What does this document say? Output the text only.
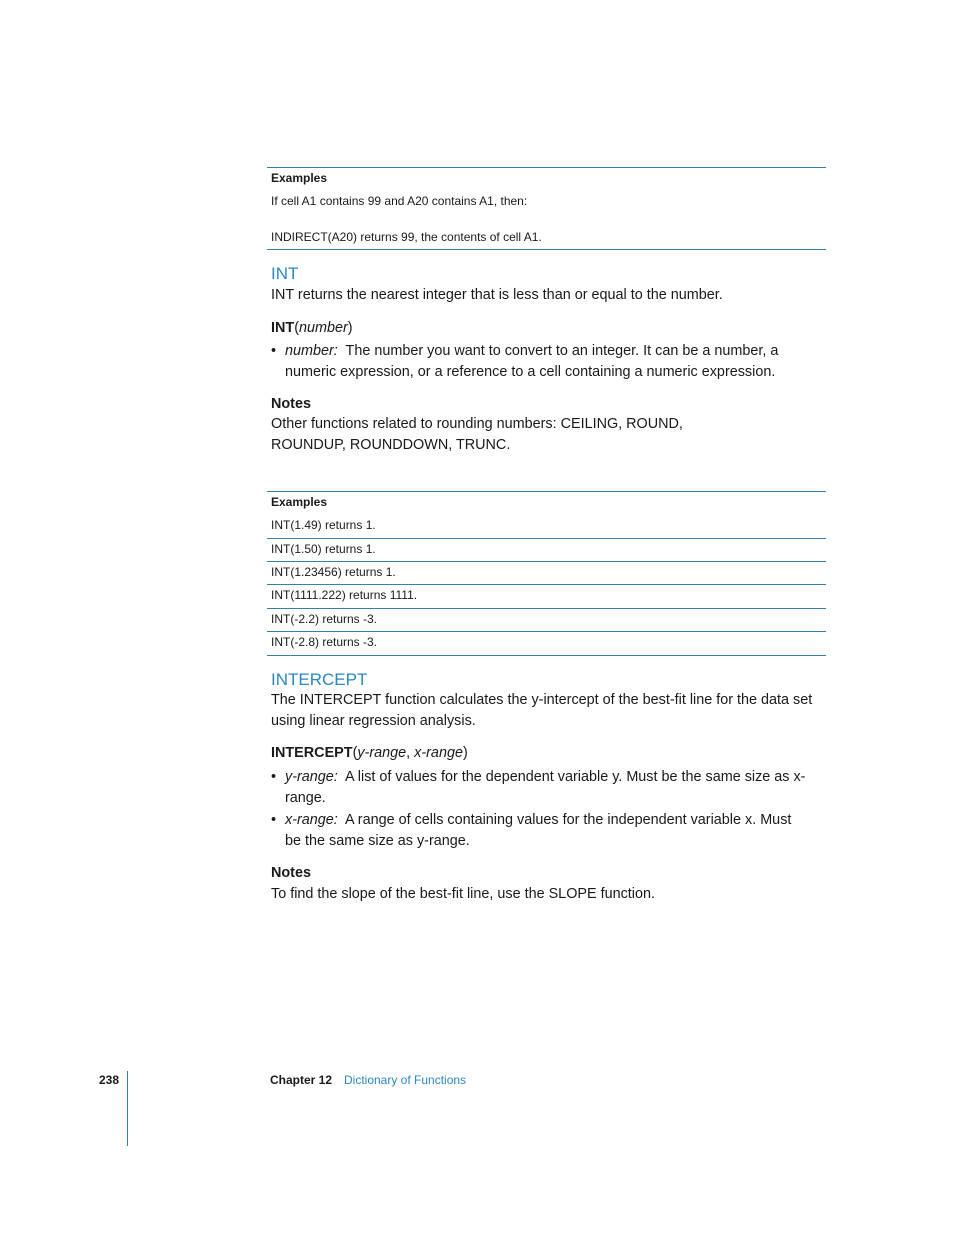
Examples
If cell A1 contains 99 and A20 contains A1, then:
INDIRECT(A20) returns 99, the contents of cell A1.
INT
INT returns the nearest integer that is less than or equal to the number.
INT(number)
• number: The number you want to convert to an integer. It can be a number, a numeric expression, or a reference to a cell containing a numeric expression.
Notes
Other functions related to rounding numbers: CEILING, ROUND, ROUNDUP, ROUNDDOWN, TRUNC.
Examples
INT(1.49) returns 1.
INT(1.50) returns 1.
INT(1.23456) returns 1.
INT(1111.222) returns 1111.
INT(-2.2) returns -3.
INT(-2.8) returns -3.
INTERCEPT
The INTERCEPT function calculates the y-intercept of the best-fit line for the data set using linear regression analysis.
INTERCEPT(y-range, x-range)
• y-range: A list of values for the dependent variable y. Must be the same size as x-range.
• x-range: A range of cells containing values for the independent variable x. Must be the same size as y-range.
Notes
To find the slope of the best-fit line, use the SLOPE function.
238	Chapter 12 Dictionary of Functions
